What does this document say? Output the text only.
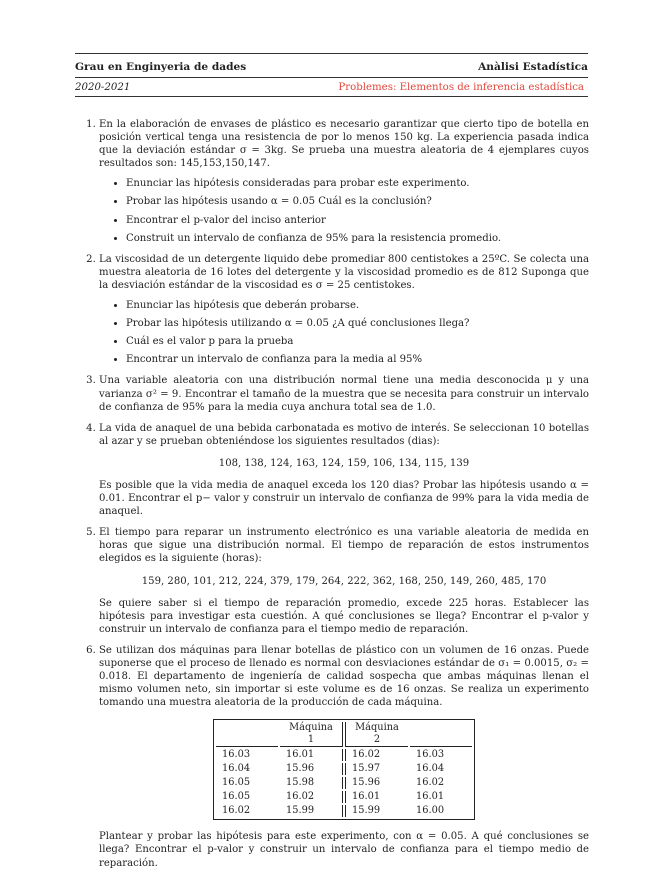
Grau en Enginyeria de dades	Anàlisi Estadística
2020-2021	Problemes: Elementos de inferencia estadística
1. En la elaboración de envases de plástico es necesario garantizar que cierto tipo de botella en posición vertical tenga una resistencia de por lo menos 150 kg. La experiencia pasada indica que la deviación estándar σ = 3kg. Se prueba una muestra aleatoria de 4 ejemplares cuyos resultados son: 145,153,150,147.
• Enunciar las hipótesis consideradas para probar este experimento.
• Probar las hipótesis usando α = 0.05 Cuál es la conclusión?
• Encontrar el p-valor del inciso anterior
• Construit un intervalo de confianza de 95% para la resistencia promedio.
2. La viscosidad de un detergente liquido debe promediar 800 centistokes a 25ºC. Se colecta una muestra aleatoria de 16 lotes del detergente y la viscosidad promedio es de 812 Suponga que la desviación estándar de la viscosidad es σ = 25 centistokes.
• Enunciar las hipótesis que deberán probarse.
• Probar las hipótesis utilizando α = 0.05 ¿A qué conclusiones llega?
• Cuál es el valor p para la prueba
• Encontrar un intervalo de confianza para la media al 95%
3. Una variable aleatoria con una distribución normal tiene una media desconocida μ y una varianza σ² = 9. Encontrar el tamaño de la muestra que se necesita para construir un intervalo de confianza de 95% para la media cuya anchura total sea de 1.0.
4. La vida de anaquel de una bebida carbonatada es motivo de interés. Se seleccionan 10 botellas al azar y se prueban obteniéndose los siguientes resultados (dias):
108, 138, 124, 163, 124, 159, 106, 134, 115, 139
Es posible que la vida media de anaquel exceda los 120 dias? Probar las hipótesis usando α = 0.01. Encontrar el p− valor y construir un intervalo de confianza de 99% para la vida media de anaquel.
5. El tiempo para reparar un instrumento electrónico es una variable aleatoria de medida en horas que sigue una distribución normal. El tiempo de reparación de estos instrumentos elegidos es la siguiente (horas):
159, 280, 101, 212, 224, 379, 179, 264, 222, 362, 168, 250, 149, 260, 485, 170
Se quiere saber si el tiempo de reparación promedio, excede 225 horas. Establecer las hipótesis para investigar esta cuestión. A qué conclusiones se llega? Encontrar el p-valor y construir un intervalo de confianza para el tiempo medio de reparación.
6. Se utilizan dos máquinas para llenar botellas de plástico con un volumen de 16 onzas. Puede suponerse que el proceso de llenado es normal con desviaciones estándar de σ₁ = 0.0015, σ₂ = 0.018. El departamento de ingeniería de calidad sospecha que ambas máquinas llenan el mismo volumen neto, sin importar si este volume es de 16 onzas. Se realiza un experimento tomando una muestra aleatoria de la producción de cada máquina.
	Máquina 1	Máquina 2	
16.03	16.01	16.02	16.03
16.04	15.96	15.97	16.04
16.05	15.98	15.96	16.02
16.05	16.02	16.01	16.01
16.02	15.99	15.99	16.00
Plantear y probar las hipótesis para este experimento, con α = 0.05. A qué conclusiones se llega? Encontrar el p-valor y construir un intervalo de confianza para el tiempo medio de reparación.
